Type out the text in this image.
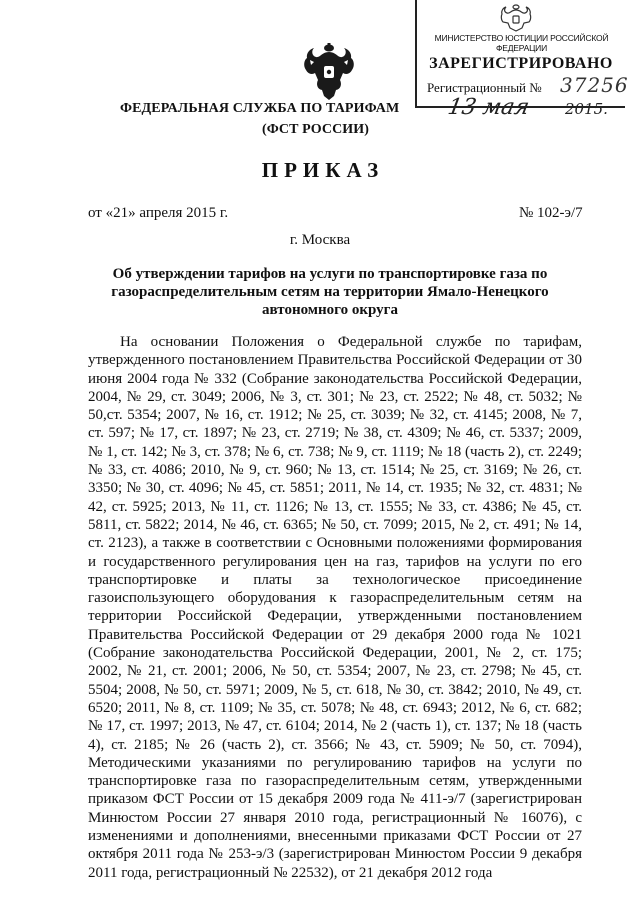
ФЕДЕРАЛЬНАЯ СЛУЖБА ПО ТАРИФАМ
(ФСТ РОССИИ)
МИНИСТЕРСТВО ЮСТИЦИИ РОССИЙСКОЙ ФЕДЕРАЦИИ
ЗАРЕГИСТРИРОВАНО
Регистрационный № 37256
13 мая 2015.
ПРИКАЗ
от «21» апреля 2015 г.	№ 102-э/7
г. Москва
Об утверждении тарифов на услуги по транспортировке газа по газораспределительным сетям на территории Ямало-Ненецкого автономного округа

На основании Положения о Федеральной службе по тарифам, утвержденного постановлением Правительства Российской Федерации от 30 июня 2004 года № 332 (Собрание законодательства Российской Федерации, 2004, № 29, ст. 3049; 2006, № 3, ст. 301; № 23, ст. 2522; № 48, ст. 5032; № 50,ст. 5354; 2007, № 16, ст. 1912; № 25, ст. 3039; № 32, ст. 4145; 2008, № 7, ст. 597; № 17, ст. 1897; № 23, ст. 2719; № 38, ст. 4309; № 46, ст. 5337; 2009, № 1, ст. 142; № 3, ст. 378; № 6, ст. 738; № 9, ст. 1119; № 18 (часть 2), ст. 2249; № 33, ст. 4086; 2010, № 9, ст. 960; № 13, ст. 1514; № 25, ст. 3169; № 26, ст. 3350; № 30, ст. 4096; № 45, ст. 5851; 2011, № 14, ст. 1935; № 32, ст. 4831; № 42, ст. 5925; 2013, № 11, ст. 1126; № 13, ст. 1555; № 33, ст. 4386; № 45, ст. 5811, ст. 5822; 2014, № 46, ст. 6365; № 50, ст. 7099; 2015, № 2, ст. 491; № 14, ст. 2123), а также в соответствии с Основными положениями формирования и государственного регулирования цен на газ, тарифов на услуги по его транспортировке и платы за технологическое присоединение газоиспользующего оборудования к газораспределительным сетям на территории Российской Федерации, утвержденными постановлением Правительства Российской Федерации от 29 декабря 2000 года № 1021 (Собрание законодательства Российской Федерации, 2001, № 2, ст. 175; 2002, № 21, ст. 2001; 2006, № 50, ст. 5354; 2007, № 23, ст. 2798; № 45, ст. 5504; 2008, № 50, ст. 5971; 2009, № 5, ст. 618, № 30, ст. 3842; 2010, № 49, ст. 6520; 2011, № 8, ст. 1109; № 35, ст. 5078; № 48, ст. 6943; 2012, № 6, ст. 682; № 17, ст. 1997; 2013, № 47, ст. 6104; 2014, № 2 (часть 1), ст. 137; № 18 (часть 4), ст. 2185; № 26 (часть 2), ст. 3566; № 43, ст. 5909; № 50, ст. 7094), Методическими указаниями по регулированию тарифов на услуги по транспортировке газа по газораспределительным сетям, утвержденными приказом ФСТ России от 15 декабря 2009 года № 411-э/7 (зарегистрирован Минюстом России 27 января 2010 года, регистрационный № 16076), с изменениями и дополнениями, внесенными приказами ФСТ России от 27 октября 2011 года № 253-э/3 (зарегистрирован Минюстом России 9 декабря 2011 года, регистрационный № 22532), от 21 декабря 2012 года
